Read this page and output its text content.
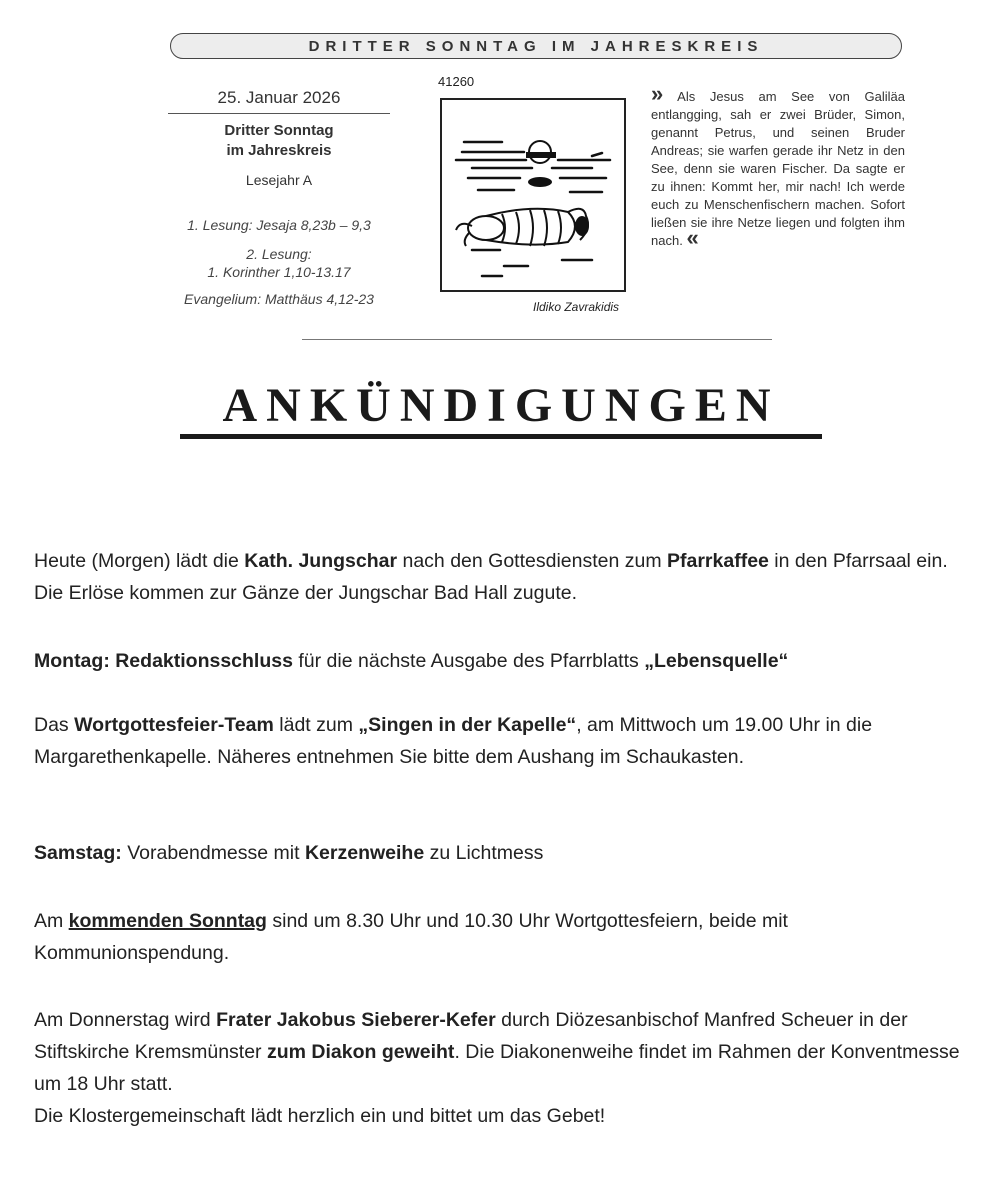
DRITTER SONNTAG IM JAHRESKREIS
25. Januar 2026
Dritter Sonntag
im Jahreskreis
Lesejahr A
1. Lesung: Jesaja 8,23b – 9,3
2. Lesung:
1. Korinther 1,10-13.17
Evangelium: Matthäus 4,12-23
41260
Ildiko Zavrakidis
» Als Jesus am See von Galiläa entlangging, sah er zwei Brüder, Simon, genannt Petrus, und seinen Bruder Andreas; sie warfen gerade ihr Netz in den See, denn sie waren Fischer. Da sagte er zu ihnen: Kommt her, mir nach! Ich werde euch zu Menschenfischern machen. Sofort ließen sie ihre Netze liegen und folgten ihm nach. «
ANKÜNDIGUNGEN
Heute (Morgen) lädt die Kath. Jungschar nach den Gottesdiensten zum Pfarrkaffee in den Pfarrsaal ein. Die Erlöse kommen zur Gänze der Jungschar Bad Hall zugute.
Montag: Redaktionsschluss für die nächste Ausgabe des Pfarrblatts „Lebensquelle“
Das Wortgottesfeier-Team lädt zum „Singen in der Kapelle“, am Mittwoch um 19.00 Uhr in die Margarethenkapelle. Näheres entnehmen Sie bitte dem Aushang im Schaukasten.
Samstag: Vorabendmesse mit Kerzenweihe zu Lichtmess
Am kommenden Sonntag sind um 8.30 Uhr und 10.30 Uhr Wortgottesfeiern, beide mit Kommunionspendung.
Am Donnerstag wird Frater Jakobus Sieberer-Kefer durch Diözesanbischof Manfred Scheuer in der Stiftskirche Kremsmünster zum Diakon geweiht. Die Diakonenweihe findet im Rahmen der Konventmesse um 18 Uhr statt.
Die Klostergemeinschaft lädt herzlich ein und bittet um das Gebet!
